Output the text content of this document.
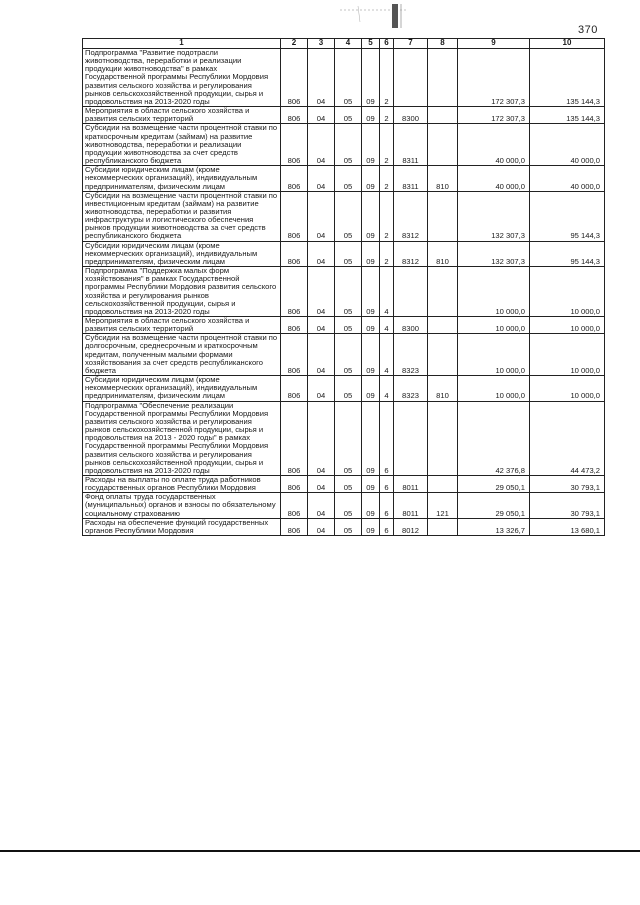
370
1	2	3	4	5	6	7	8	9	10
Подпрограмма "Развитие подотрасли животноводства, переработки и реализации продукции животноводства" в рамках Государственной программы Республики Мордовия развития сельского хозяйства и регулирования рынков сельскохозяйственной продукции, сырья и продовольствия на 2013-2020 годы	806	04	05	09	2			172 307,3	135 144,3
Мероприятия в области сельского хозяйства и развития сельских территорий	806	04	05	09	2	8300		172 307,3	135 144,3
Субсидии на возмещение части процентной ставки по краткосрочным кредитам (займам) на развитие животноводства, переработки и реализации продукции животноводства за счет средств республиканского бюджета	806	04	05	09	2	8311		40 000,0	40 000,0
Субсидии юридическим лицам (кроме некоммерческих организаций), индивидуальным предпринимателям, физическим лицам	806	04	05	09	2	8311	810	40 000,0	40 000,0
Субсидии на возмещение части процентной ставки по инвестиционным кредитам (займам) на развитие животноводства, переработки и развития инфраструктуры и логистического обеспечения рынков продукции животноводства за счет средств республиканского бюджета	806	04	05	09	2	8312		132 307,3	95 144,3
Субсидии юридическим лицам (кроме некоммерческих организаций), индивидуальным предпринимателям, физическим лицам	806	04	05	09	2	8312	810	132 307,3	95 144,3
Подпрограмма "Поддержка малых форм хозяйствования" в рамках Государственной программы Республики Мордовия развития сельского хозяйства и регулирования рынков сельскохозяйственной продукции, сырья и продовольствия на 2013-2020 годы	806	04	05	09	4			10 000,0	10 000,0
Мероприятия в области сельского хозяйства и развития сельских территорий	806	04	05	09	4	8300		10 000,0	10 000,0
Субсидии на возмещение части процентной ставки по долгосрочным, среднесрочным и краткосрочным кредитам, полученным малыми формами хозяйствования за счет средств республиканского бюджета	806	04	05	09	4	8323		10 000,0	10 000,0
Субсидии юридическим лицам (кроме некоммерческих организаций), индивидуальным предпринимателям, физическим лицам	806	04	05	09	4	8323	810	10 000,0	10 000,0
Подпрограмма "Обеспечение реализации Государственной программы Республики Мордовия развития сельского хозяйства и регулирования рынков сельскохозяйственной продукции, сырья и продовольствия на 2013 - 2020 годы" в рамках Государственной программы Республики Мордовия развития сельского хозяйства и регулирования рынков сельскохозяйственной продукции, сырья и продовольствия на 2013-2020 годы	806	04	05	09	6			42 376,8	44 473,2
Расходы на выплаты по оплате труда работников государственных органов Республики Мордовия	806	04	05	09	6	8011		29 050,1	30 793,1
Фонд оплаты труда государственных (муниципальных) органов и взносы по обязательному социальному страхованию	806	04	05	09	6	8011	121	29 050,1	30 793,1
Расходы на обеспечение функций государственных органов Республики Мордовия	806	04	05	09	6	8012		13 326,7	13 680,1
